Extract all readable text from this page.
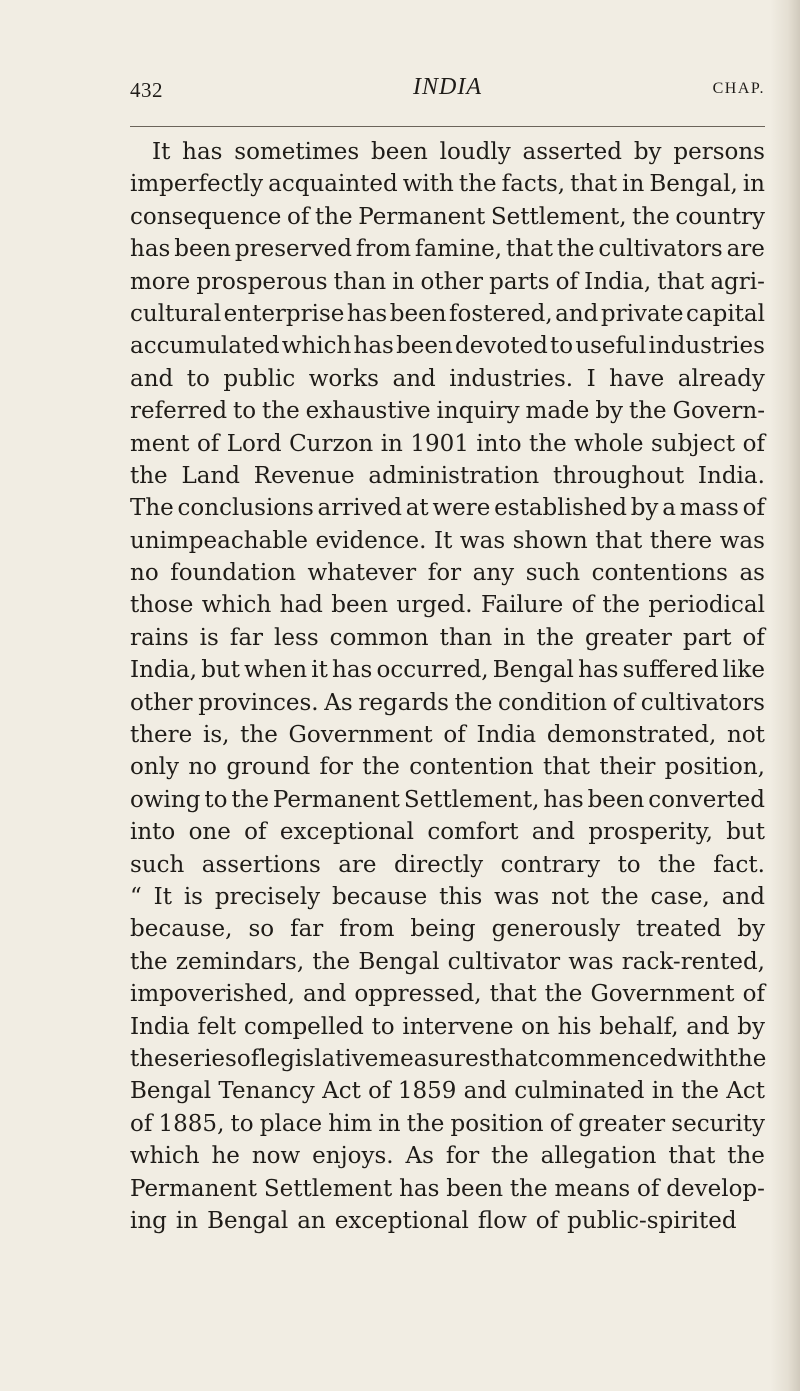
432	INDIA	CHAP.
It has sometimes been loudly asserted by persons
imperfectly acquainted with the facts, that in Bengal, in
consequence of the Permanent Settlement, the country
has been preserved from famine, that the cultivators are
more prosperous than in other parts of India, that agri-
cultural enterprise has been fostered, and private capital
accumulated which has been devoted to useful industries
and to public works and industries. I have already
referred to the exhaustive inquiry made by the Govern-
ment of Lord Curzon in 1901 into the whole subject of
the Land Revenue administration throughout India.
The conclusions arrived at were established by a mass of
unimpeachable evidence. It was shown that there was
no foundation whatever for any such contentions as
those which had been urged. Failure of the periodical
rains is far less common than in the greater part of
India, but when it has occurred, Bengal has suffered like
other provinces. As regards the condition of cultivators
there is, the Government of India demonstrated, not
only no ground for the contention that their position,
owing to the Permanent Settlement, has been converted
into one of exceptional comfort and prosperity, but
such assertions are directly contrary to the fact.
“ It is precisely because this was not the case, and
because, so far from being generously treated by
the zemindars, the Bengal cultivator was rack-rented,
impoverished, and oppressed, that the Government of
India felt compelled to intervene on his behalf, and by
the series of legislative measures that commenced with the
Bengal Tenancy Act of 1859 and culminated in the Act
of 1885, to place him in the position of greater security
which he now enjoys. As for the allegation that the
Permanent Settlement has been the means of develop-
ing in Bengal an exceptional flow of public-spirited
